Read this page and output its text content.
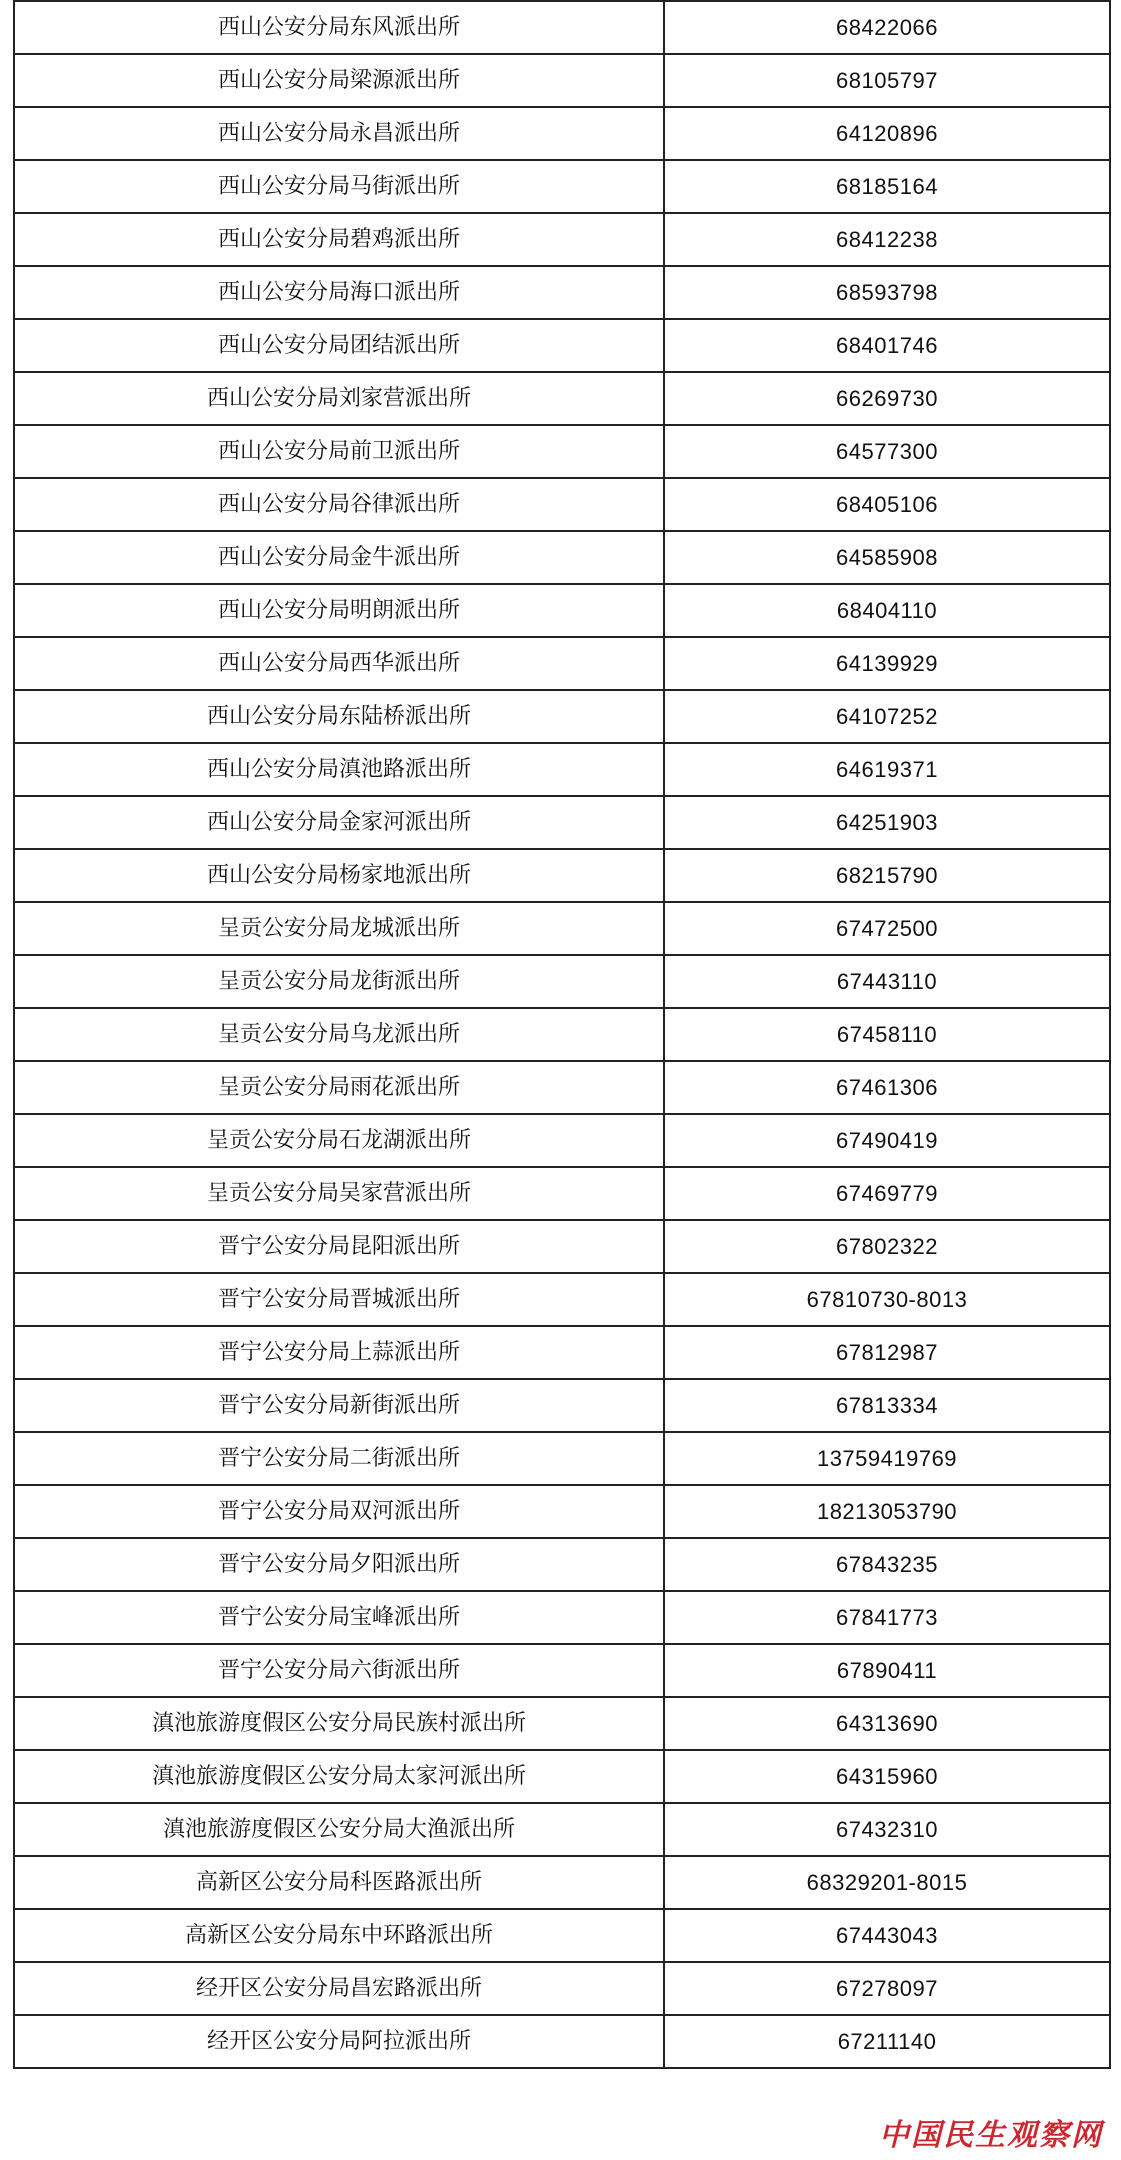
西山公安分局东风派出所	68422066
西山公安分局梁源派出所	68105797
西山公安分局永昌派出所	64120896
西山公安分局马街派出所	68185164
西山公安分局碧鸡派出所	68412238
西山公安分局海口派出所	68593798
西山公安分局团结派出所	68401746
西山公安分局刘家营派出所	66269730
西山公安分局前卫派出所	64577300
西山公安分局谷律派出所	68405106
西山公安分局金牛派出所	64585908
西山公安分局明朗派出所	68404110
西山公安分局西华派出所	64139929
西山公安分局东陆桥派出所	64107252
西山公安分局滇池路派出所	64619371
西山公安分局金家河派出所	64251903
西山公安分局杨家地派出所	68215790
呈贡公安分局龙城派出所	67472500
呈贡公安分局龙街派出所	67443110
呈贡公安分局乌龙派出所	67458110
呈贡公安分局雨花派出所	67461306
呈贡公安分局石龙湖派出所	67490419
呈贡公安分局吴家营派出所	67469779
晋宁公安分局昆阳派出所	67802322
晋宁公安分局晋城派出所	67810730-8013
晋宁公安分局上蒜派出所	67812987
晋宁公安分局新街派出所	67813334
晋宁公安分局二街派出所	13759419769
晋宁公安分局双河派出所	18213053790
晋宁公安分局夕阳派出所	67843235
晋宁公安分局宝峰派出所	67841773
晋宁公安分局六街派出所	67890411
滇池旅游度假区公安分局民族村派出所	64313690
滇池旅游度假区公安分局太家河派出所	64315960
滇池旅游度假区公安分局大渔派出所	67432310
高新区公安分局科医路派出所	68329201-8015
高新区公安分局东中环路派出所	67443043
经开区公安分局昌宏路派出所	67278097
经开区公安分局阿拉派出所	67211140
中国民生观察网
